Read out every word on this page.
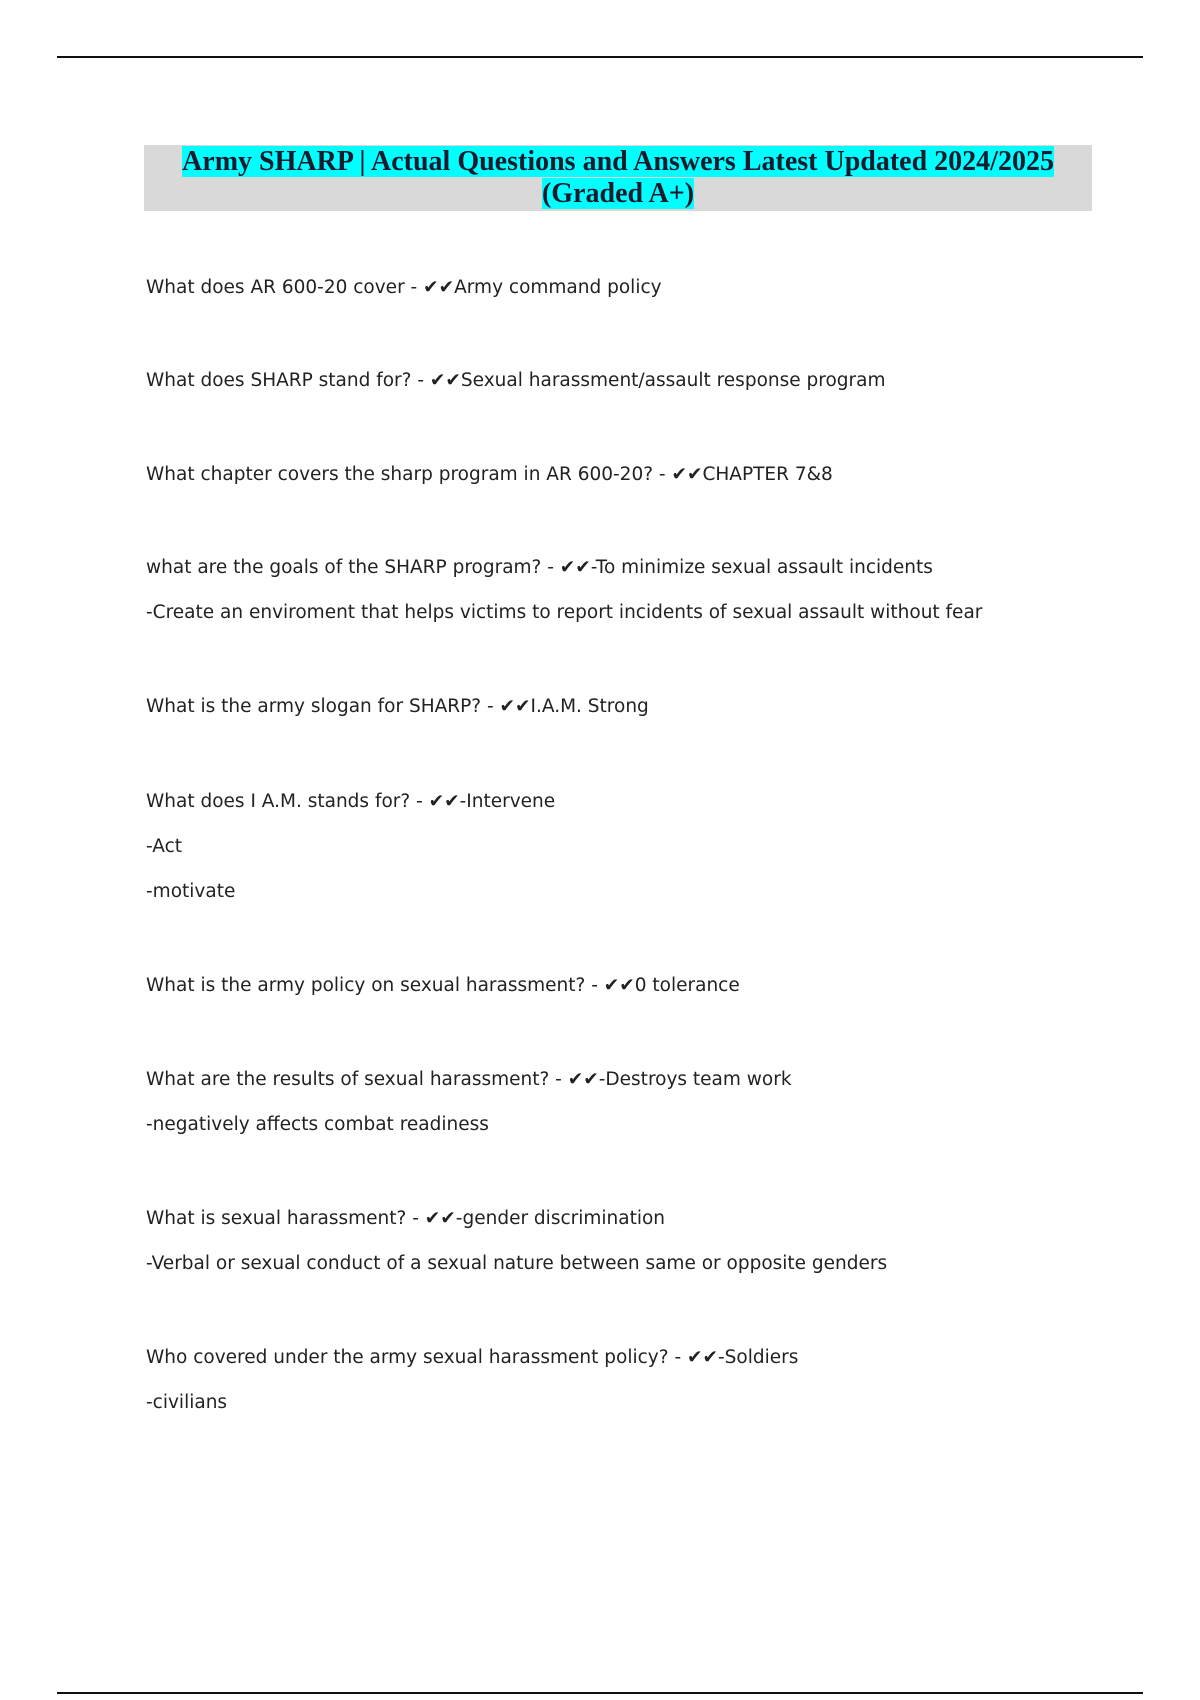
Army SHARP | Actual Questions and Answers Latest Updated 2024/2025
(Graded A+)
What does AR 600-20 cover - ✔✔Army command policy
What does SHARP stand for? - ✔✔Sexual harassment/assault response program
What chapter covers the sharp program in AR 600-20? - ✔✔CHAPTER 7&8
what are the goals of the SHARP program? - ✔✔-To minimize sexual assault incidents
-Create an enviroment that helps victims to report incidents of sexual assault without fear
What is the army slogan for SHARP? - ✔✔I.A.M. Strong
What does I A.M. stands for? - ✔✔-Intervene
-Act
-motivate
What is the army policy on sexual harassment? - ✔✔0 tolerance
What are the results of sexual harassment? - ✔✔-Destroys team work
-negatively affects combat readiness
What is sexual harassment? - ✔✔-gender discrimination
-Verbal or sexual conduct of a sexual nature between same or opposite genders
Who covered under the army sexual harassment policy? - ✔✔-Soldiers
-civilians
